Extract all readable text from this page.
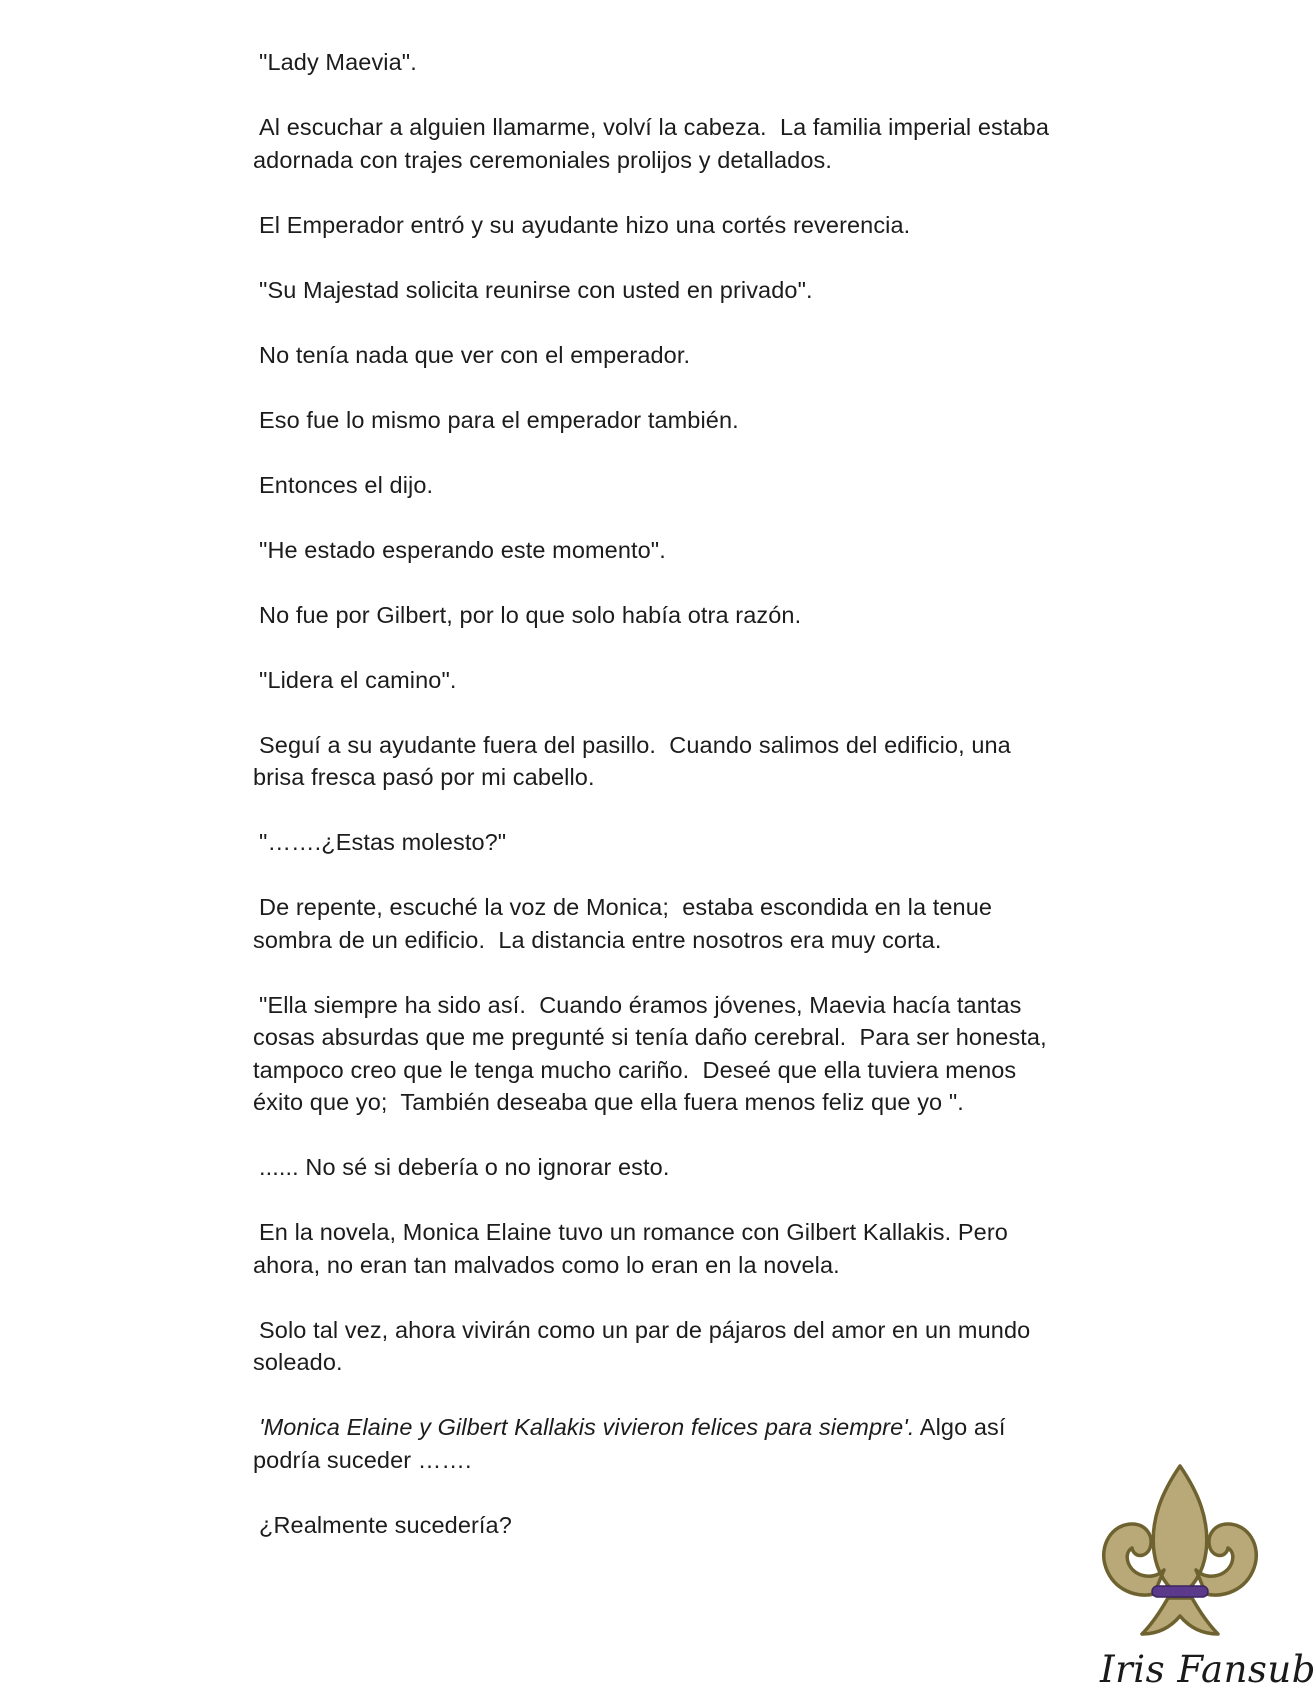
"Lady Maevia".

Al escuchar a alguien llamarme, volví la cabeza.  La familia imperial estaba adornada con trajes ceremoniales prolijos y detallados.

El Emperador entró y su ayudante hizo una cortés reverencia.

"Su Majestad solicita reunirse con usted en privado".

No tenía nada que ver con el emperador.

Eso fue lo mismo para el emperador también.

Entonces el dijo.

"He estado esperando este momento".

No fue por Gilbert, por lo que solo había otra razón.

"Lidera el camino".

Seguí a su ayudante fuera del pasillo.  Cuando salimos del edificio, una brisa fresca pasó por mi cabello.

"…….¿Estas molesto?"

De repente, escuché la voz de Monica;  estaba escondida en la tenue sombra de un edificio.  La distancia entre nosotros era muy corta.

"Ella siempre ha sido así.  Cuando éramos jóvenes, Maevia hacía tantas cosas absurdas que me pregunté si tenía daño cerebral.  Para ser honesta, tampoco creo que le tenga mucho cariño.  Deseé que ella tuviera menos éxito que yo;  También deseaba que ella fuera menos feliz que yo ".

...... No sé si debería o no ignorar esto.

En la novela, Monica Elaine tuvo un romance con Gilbert Kallakis. Pero ahora, no eran tan malvados como lo eran en la novela.

Solo tal vez, ahora vivirán como un par de pájaros del amor en un mundo soleado.

'Monica Elaine y Gilbert Kallakis vivieron felices para siempre'. Algo así podría suceder …….

¿Realmente sucedería?

Iris Fansub
